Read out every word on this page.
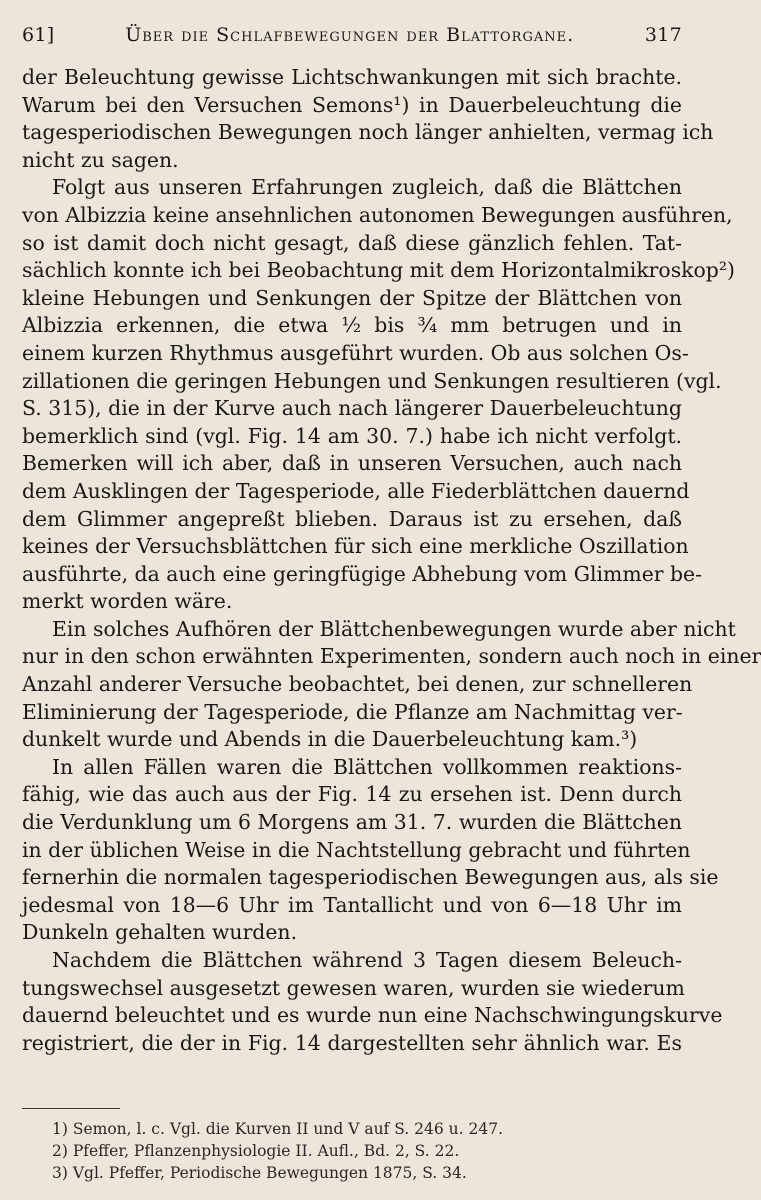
61]	Über die Schlafbewegungen der Blattorgane.	317
der Beleuchtung gewisse Lichtschwankungen mit sich brachte.
Warum bei den Versuchen Semons¹) in Dauerbeleuchtung die
tagesperiodischen Bewegungen noch länger anhielten, vermag ich
nicht zu sagen.
Folgt aus unseren Erfahrungen zugleich, daß die Blättchen
von Albizzia keine ansehnlichen autonomen Bewegungen ausführen,
so ist damit doch nicht gesagt, daß diese gänzlich fehlen. Tat-
sächlich konnte ich bei Beobachtung mit dem Horizontalmikroskop²)
kleine Hebungen und Senkungen der Spitze der Blättchen von
Albizzia erkennen, die etwa ½ bis ¾ mm betrugen und in
einem kurzen Rhythmus ausgeführt wurden. Ob aus solchen Os-
zillationen die geringen Hebungen und Senkungen resultieren (vgl.
S. 315), die in der Kurve auch nach längerer Dauerbeleuchtung
bemerklich sind (vgl. Fig. 14 am 30. 7.) habe ich nicht verfolgt.
Bemerken will ich aber, daß in unseren Versuchen, auch nach
dem Ausklingen der Tagesperiode, alle Fiederblättchen dauernd
dem Glimmer angepreßt blieben. Daraus ist zu ersehen, daß
keines der Versuchsblättchen für sich eine merkliche Oszillation
ausführte, da auch eine geringfügige Abhebung vom Glimmer be-
merkt worden wäre.
Ein solches Aufhören der Blättchenbewegungen wurde aber nicht
nur in den schon erwähnten Experimenten, sondern auch noch in einer
Anzahl anderer Versuche beobachtet, bei denen, zur schnelleren
Eliminierung der Tagesperiode, die Pflanze am Nachmittag ver-
dunkelt wurde und Abends in die Dauerbeleuchtung kam.³)
In allen Fällen waren die Blättchen vollkommen reaktions-
fähig, wie das auch aus der Fig. 14 zu ersehen ist. Denn durch
die Verdunklung um 6 Morgens am 31. 7. wurden die Blättchen
in der üblichen Weise in die Nachtstellung gebracht und führten
fernerhin die normalen tagesperiodischen Bewegungen aus, als sie
jedesmal von 18—6 Uhr im Tantallicht und von 6—18 Uhr im
Dunkeln gehalten wurden.
Nachdem die Blättchen während 3 Tagen diesem Beleuch-
tungswechsel ausgesetzt gewesen waren, wurden sie wiederum
dauernd beleuchtet und es wurde nun eine Nachschwingungskurve
registriert, die der in Fig. 14 dargestellten sehr ähnlich war. Es
1) Semon, l. c. Vgl. die Kurven II und V auf S. 246 u. 247.
2) Pfeffer, Pflanzenphysiologie II. Aufl., Bd. 2, S. 22.
3) Vgl. Pfeffer, Periodische Bewegungen 1875, S. 34.
